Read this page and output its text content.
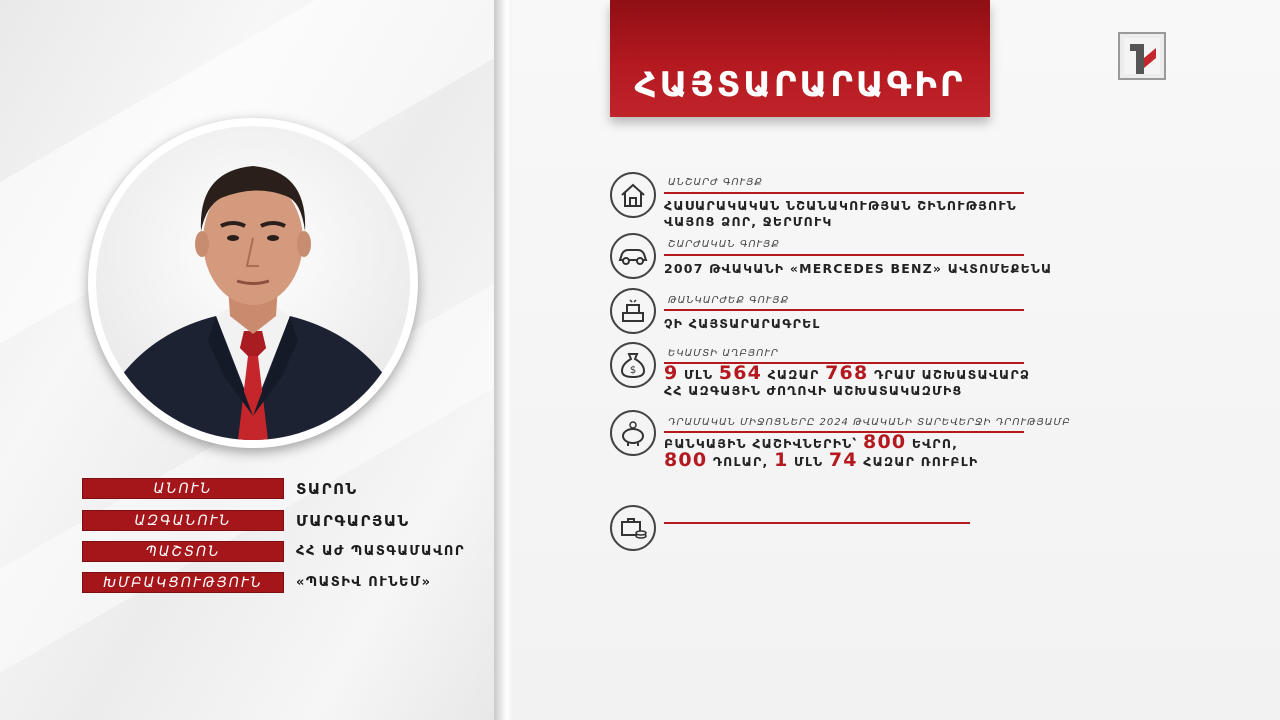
ԱՆՈՒՆ	ՏԱՐՈՆ
ԱԶԳԱՆՈՒՆ	ՄԱՐԳԱՐՅԱՆ
ՊԱՇՏՈՆ	ՀՀ ԱԺ ՊԱՏԳԱՄԱՎՈՐ
ԽՄԲԱԿՑՈՒԹՅՈՒՆ	«ՊԱՏԻՎ ՈՒՆԵՄ»
ՀԱՅՏԱՐԱՐԱԳԻՐ
ԱՆՇԱՐԺ ԳՈՒՅՔ
ՀԱՍԱՐԱԿԱԿԱՆ ՆՇԱՆԱԿՈՒԹՅԱՆ ՇԻՆՈՒԹՅՈՒՆ
ՎԱՅՈՑ ՁՈՐ, ՋԵՐՄՈՒԿ
ՇԱՐԺԱԿԱՆ ԳՈՒՅՔ
2007 ԹՎԱԿԱՆԻ «MERCEDES BENZ» ԱՎՏՈՄԵՔԵՆԱ
ԹԱՆԿԱՐԺԵՔ ԳՈՒՅՔ
ՉԻ ՀԱՅՏԱՐԱՐԱԳՐԵԼ
$
ԵԿԱՄՏԻ ԱՂԲՅՈՒՐ
9 ՄԼՆ 564 ՀԱԶԱՐ 768 ԴՐԱՄ ԱՇԽԱՏԱՎԱՐՁ
ՀՀ ԱԶԳԱՅԻՆ ԺՈՂՈՎԻ ԱՇԽԱՏԱԿԱԶՄԻՑ
ԴՐԱՄԱԿԱՆ ՄԻՋՈՑՆԵՐԸ 2024 ԹՎԱԿԱՆԻ ՏԱՐԵՎԵՐՋԻ ԴՐՈՒԹՅԱՄԲ
ԲԱՆԿԱՅԻՆ ՀԱՇԻՎՆԵՐԻՆ՝ 800 ԵՎՐՈ,
800 ԴՈԼԱՐ, 1 ՄԼՆ 74 ՀԱԶԱՐ ՌՈՒԲԼԻ
